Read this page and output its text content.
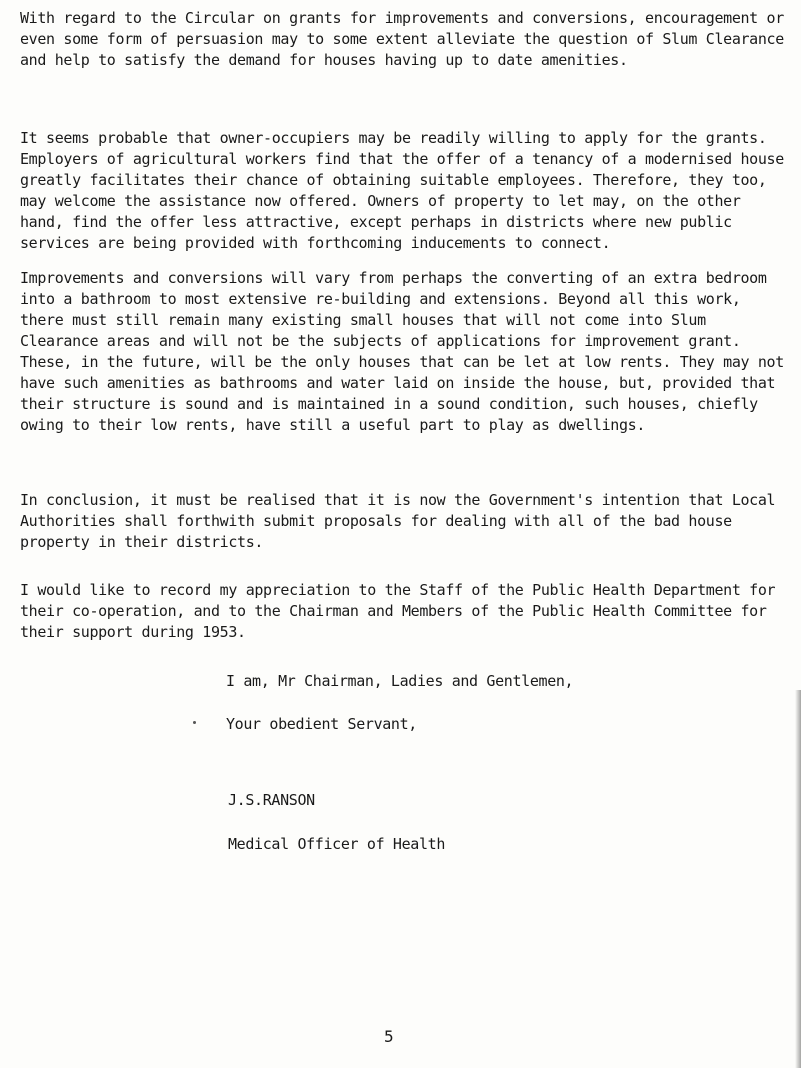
With regard to the Circular on grants for improvements and conversions, encouragement or even some form of persuasion may to some extent alleviate the question of Slum Clearance and help to satisfy the demand for houses having up to date amenities.

It seems probable that owner-occupiers may be readily willing to apply for the grants. Employers of agricultural workers find that the offer of a tenancy of a modernised house greatly facilitates their chance of obtaining suitable employees. Therefore, they too, may welcome the assistance now offered. Owners of property to let may, on the other hand, find the offer less attractive, except perhaps in districts where new public services are being provided with forthcoming inducements to connect.

Improvements and conversions will vary from perhaps the converting of an extra bedroom into a bathroom to most extensive re-building and extensions. Beyond all this work, there must still remain many existing small houses that will not come into Slum Clearance areas and will not be the subjects of applications for improvement grant. These, in the future, will be the only houses that can be let at low rents. They may not have such amenities as bathrooms and water laid on inside the house, but, provided that their structure is sound and is maintained in a sound condition, such houses, chiefly owing to their low rents, have still a useful part to play as dwellings.

In conclusion, it must be realised that it is now the Government's intention that Local Authorities shall forthwith submit proposals for dealing with all of the bad house property in their districts.

I would like to record my appreciation to the Staff of the Public Health Department for their co-operation, and to the Chairman and Members of the Public Health Committee for their support during 1953.

I am, Mr Chairman, Ladies and Gentlemen,

Your obedient Servant,

J.S.RANSON

Medical Officer of Health

5
